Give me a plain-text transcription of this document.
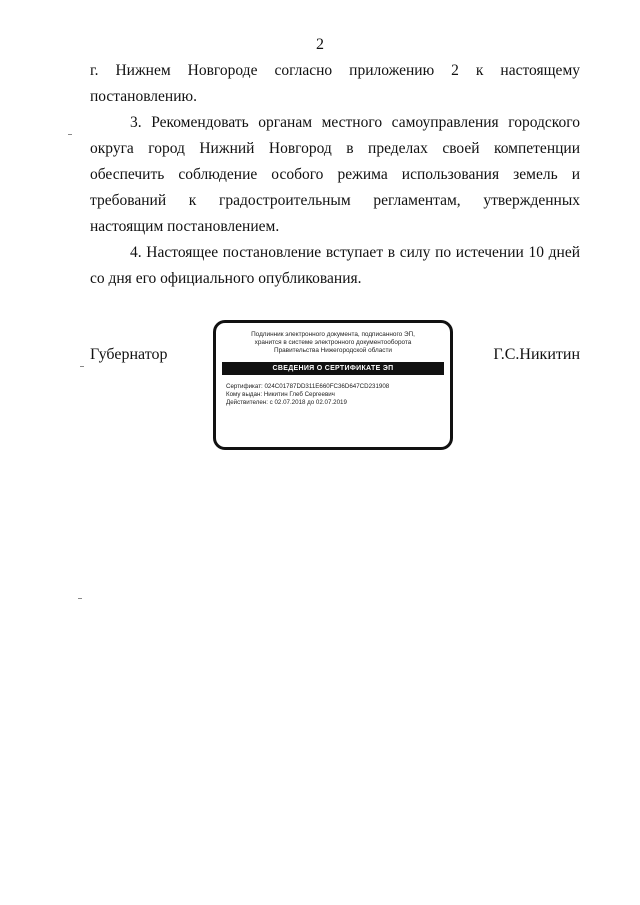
2

г. Нижнем Новгороде согласно приложению 2 к настоящему
постановлению.

3. Рекомендовать органам местного самоуправления городского округа город Нижний Новгород в пределах своей компетенции обеспечить соблюдение особого режима использования земель и требований к градостроительным регламентам, утвержденных настоящим постановлением.

4. Настоящее постановление вступает в силу по истечении 10 дней со дня его официального опубликования.

Губернатор	Г.С.Никитин
Подлинник электронного документа, подписанного ЭП,
хранится в системе электронного документооборота
Правительства Нижегородской области
СВЕДЕНИЯ О СЕРТИФИКАТЕ ЭП
Сертификат: 024C01787DD311E660FC36D647CD231908
Кому выдан: Никитин Глеб Сергеевич
Действителен: с 02.07.2018 до 02.07.2019
